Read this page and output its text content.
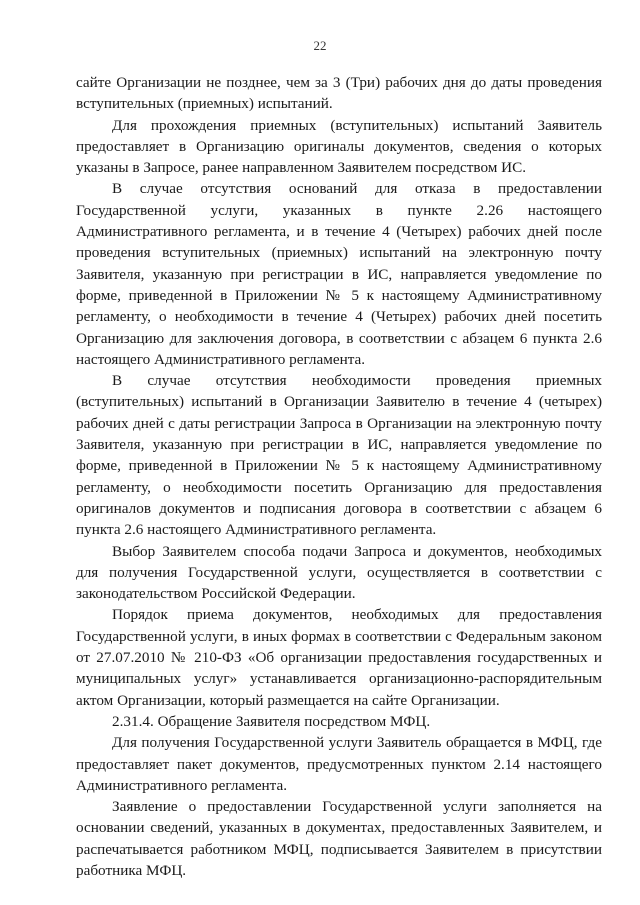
22

сайте Организации не позднее, чем за 3 (Три) рабочих дня до даты проведения вступительных (приемных) испытаний.

Для прохождения приемных (вступительных) испытаний Заявитель предоставляет в Организацию оригиналы документов, сведения о которых указаны в Запросе, ранее направленном Заявителем посредством ИС.

В случае отсутствия оснований для отказа в предоставлении Государственной услуги, указанных в пункте 2.26 настоящего Административного регламента, и в течение 4 (Четырех) рабочих дней после проведения вступительных (приемных) испытаний на электронную почту Заявителя, указанную при регистрации в ИС, направляется уведомление по форме, приведенной в Приложении № 5 к настоящему Административному регламенту, о необходимости в течение 4 (Четырех) рабочих дней посетить Организацию для заключения договора, в соответствии с абзацем 6 пункта 2.6 настоящего Административного регламента.

В случае отсутствия необходимости проведения приемных (вступительных) испытаний в Организации Заявителю в течение 4 (четырех) рабочих дней с даты регистрации Запроса в Организации на электронную почту Заявителя, указанную при регистрации в ИС, направляется уведомление по форме, приведенной в Приложении № 5 к настоящему Административному регламенту, о необходимости посетить Организацию для предоставления оригиналов документов и подписания договора в соответствии с абзацем 6 пункта 2.6 настоящего Административного регламента.

Выбор Заявителем способа подачи Запроса и документов, необходимых для получения Государственной услуги, осуществляется в соответствии с законодательством Российской Федерации.

Порядок приема документов, необходимых для предоставления Государственной услуги, в иных формах в соответствии с Федеральным законом от 27.07.2010 № 210-ФЗ «Об организации предоставления государственных и муниципальных услуг» устанавливается организационно-распорядительным актом Организации, который размещается на сайте Организации.

2.31.4. Обращение Заявителя посредством МФЦ.

Для получения Государственной услуги Заявитель обращается в МФЦ, где предоставляет пакет документов, предусмотренных пунктом 2.14 настоящего Административного регламента.

Заявление о предоставлении Государственной услуги заполняется на основании сведений, указанных в документах, предоставленных Заявителем, и распечатывается работником МФЦ, подписывается Заявителем в присутствии работника МФЦ.
